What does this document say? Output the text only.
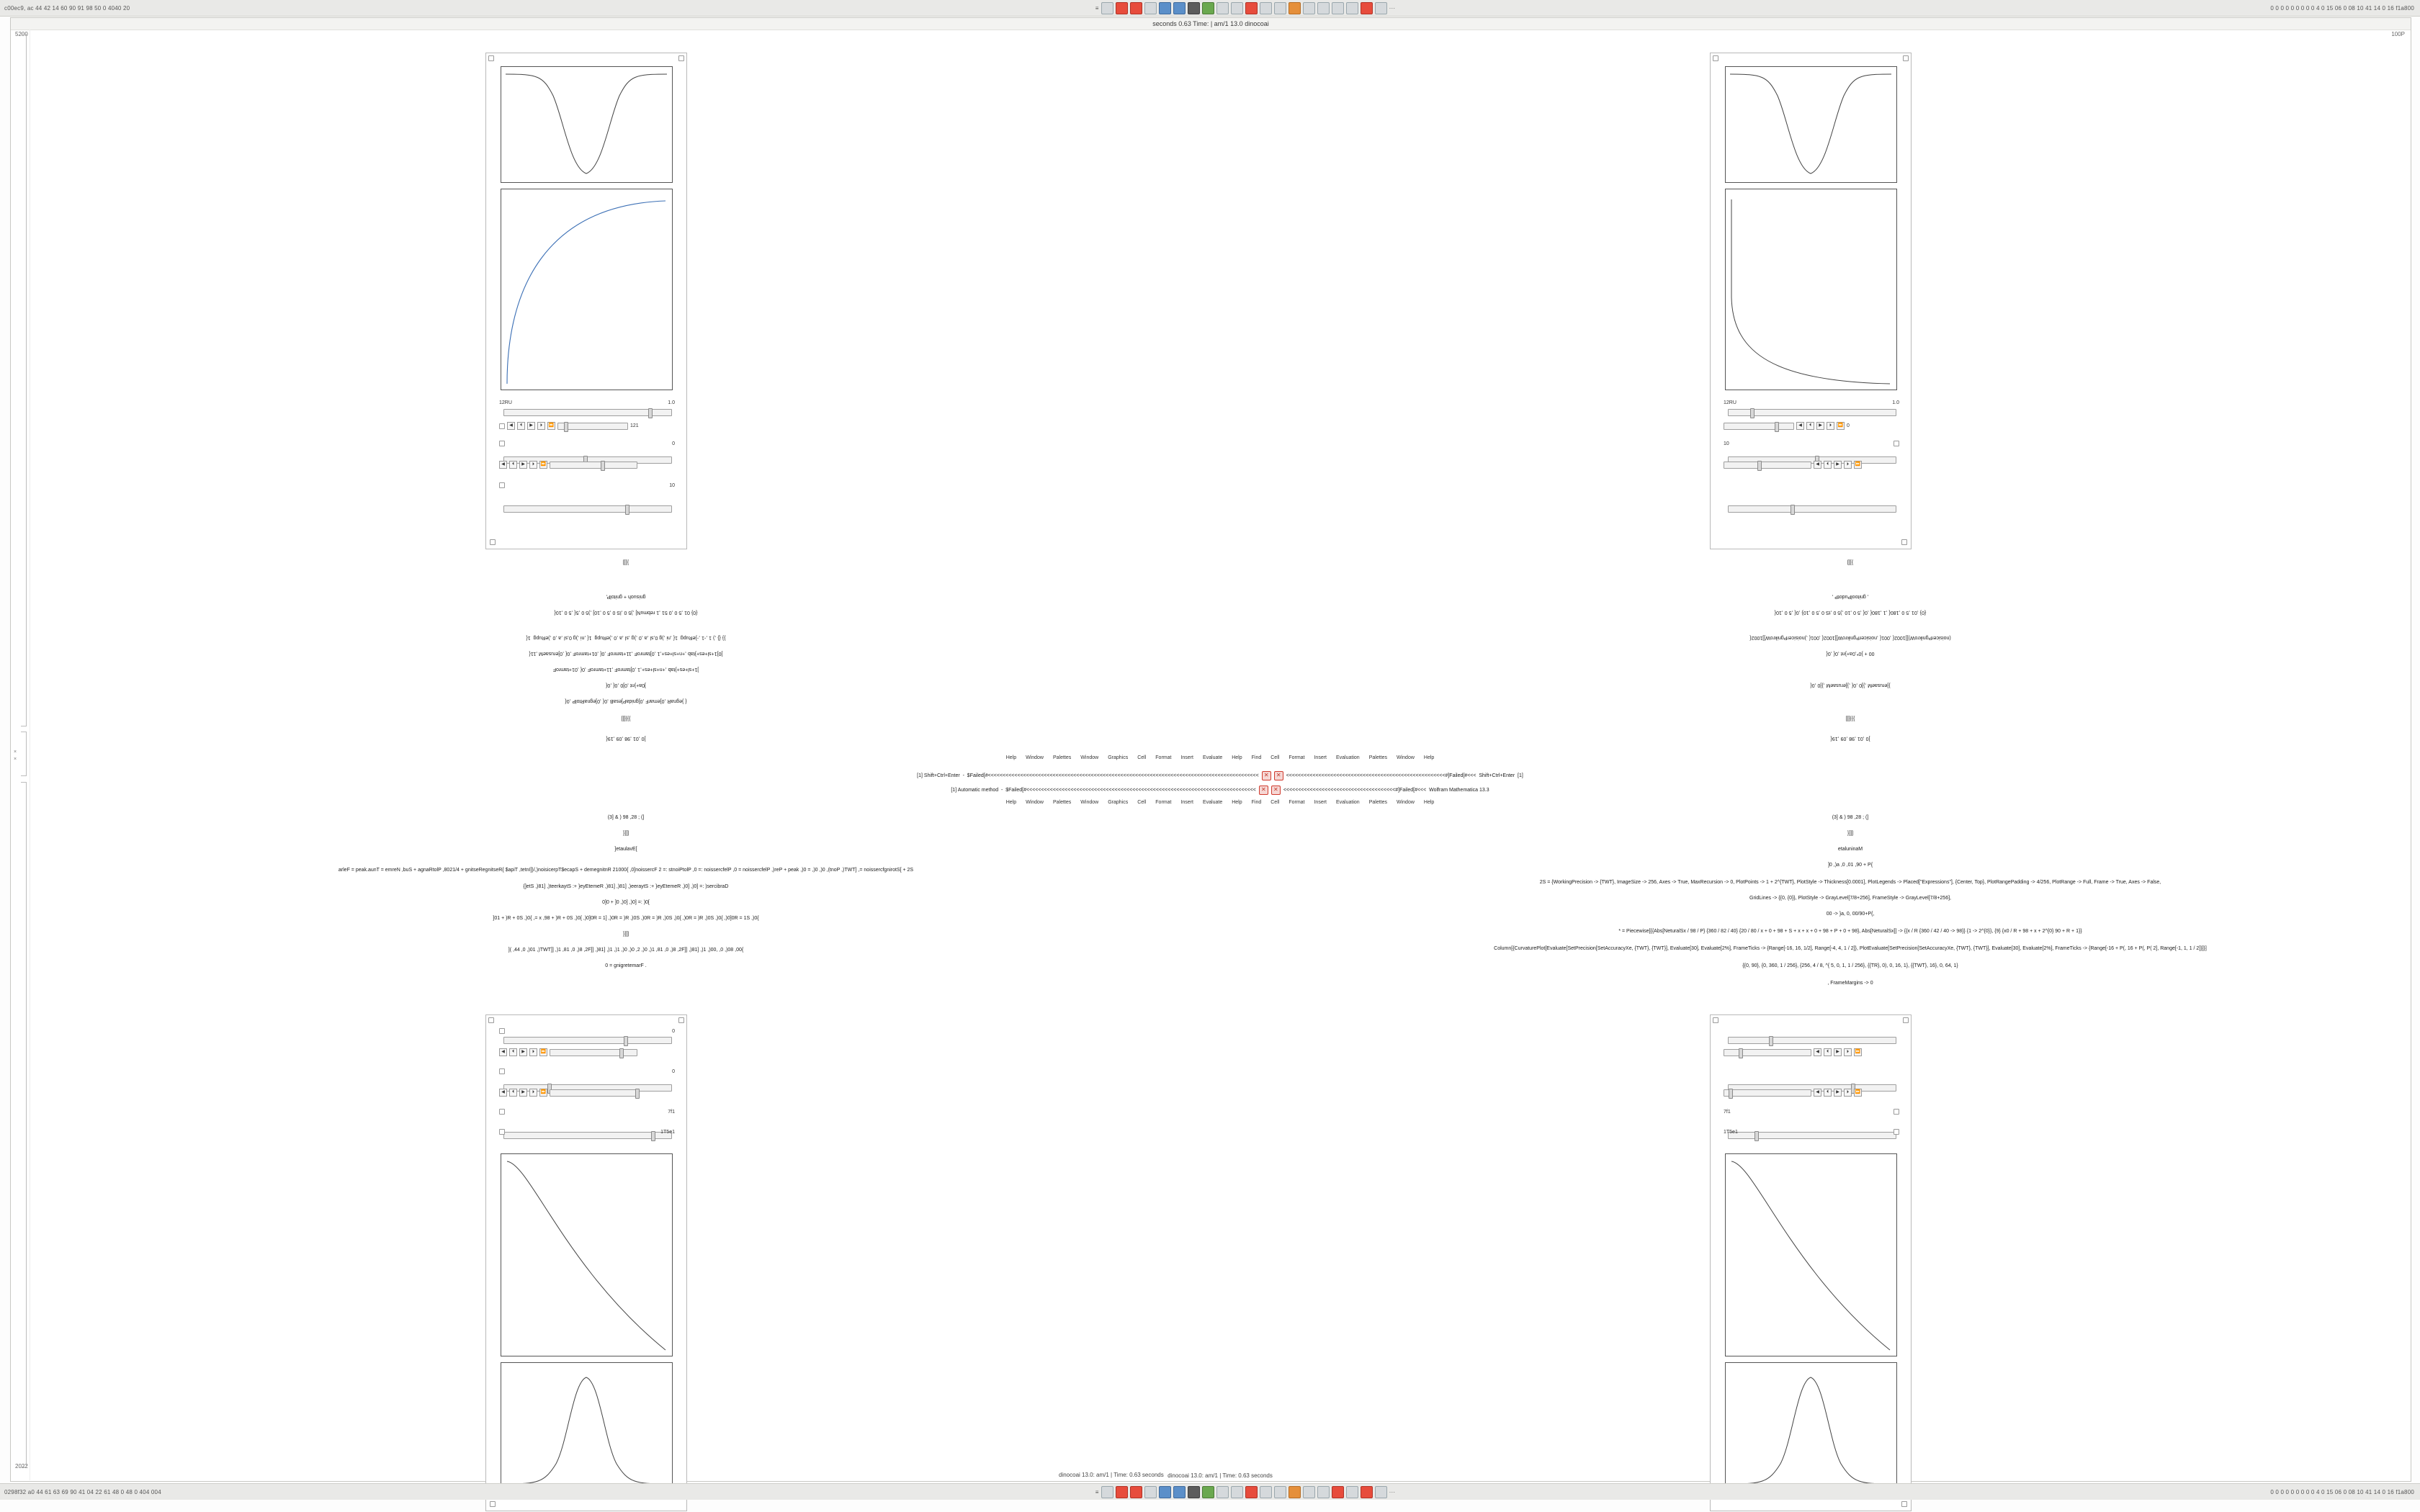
c00ec9, ac 44 42 14 60 90 91 98 50 0 4040 20	≡	···	0 0 0 0 0 0 0 0 0 4 0 15 06 0 08 10 41 14 0 16 f1a800
seconds 0.63 Time: | am/1 13.0 dinocoai
5200	100P
2022
×
×
12RU	1.0
◀	⏴	▶	⏵	⏩	121
0
◀	⏴	▶	⏵	⏩
10
}]]]
gnisuoh + gnitolP,
{0} 01 ,5 0 ,0 51 ,1 rebmuN] ,)5 0 ,lS 0 ,5 0 ,10] ,)5 0 ,5{ ,5 0 ,10{
}} {} ,) 1 ,-1 ,-}eRupg  1{ ,ni ,)g 0,sl ,a ,0 ,)g ,sl ,a ,0 ,)eRupg  1{ ,ni ,)g 0,sl ,a ,0 ,)eRupg  1{
]0]1+sl+es+}tab ,+n+sl+es+,1 ,0]tamroF ,11+tamroF ,0{ ,01+tamroF ,0{ ,0]erusaeM ,11{
]1+sl+es+}tab ,+n+sl+es+,1 ,0]tamroF ,11+tamroF ,0{ ,01+tamroF
]0a+}nt ,0]0 ,0{ ,0{
{ }egnaR ,0]emarF ,0]gnidaP]esaB ,0{ ,0]egnaRtolP ,0{
}}}]]]
]0 ,01 ,98 ,09 ,19{
12RU	1.0
◀	⏴	▶	⏵	⏩ 0
10
◀	⏴	▶	⏵	⏩
}]]]
, gnitoolPudotP ,
{0} ,01 ,5 0 ,180{ ,1 ,180{ ,0{ ,5 0 ,10 ,)5 0 ,tS 0 ,5 0 ,10} ,0{ ,5 0 ,10{
(noisicerPgnikroW)]]1002{ ,001{ ,noisicerPgnikroW]]1002{ ,001{ ,)noisicerPgnikroW]]1002{
00 + }0*,0a+}nt ,0{ ,0{
}]erusaeM ,}]0 ,0{ ,}]erusaeM ,}]0 ,0{
}}}]]]
]0 ,01 ,98 ,09 ,19{
Help Window Palettes Window Graphics Cell Format Insert Evaluate Help Find Cell Format Insert Evaluation Palettes Window Help
[1] Shift+Ctrl+Enter  -  $Failed[#<<<<<<<<<<<<<<<<<<<<<<<<<<<<<<<<<<<<<<<<<<<<<<<<<<<<<<<<<<<<<<<<<<<<<<<<<<<<<<<<<<<<<<<<<<<< ✕	✕	<<<<<<<<<<<<<<<<<<<<<<<<<<<<<<<<<<<<<<<<<<<<<<<<<<<<<<#]Failed[#<<<  Shift+Ctrl+Enter  [1]
[1] Automatic method  -  $Failed[#<<<<<<<<<<<<<<<<<<<<<<<<<<<<<<<<<<<<<<<<<<<<<<<<<<<<<<<<<<<<<<<<<<<<<<<<<<<<<< ✕	✕	<<<<<<<<<<<<<<<<<<<<<<<<<<<<<<<<<<<<<<#]Failed[#<<<  Wolfram Mathematica 13.3
Help Window Palettes Window Graphics Cell Format Insert Evaluate Help Find Cell Format Insert Evaluation Palettes Window Help
(3] & ) 98 ,28 ; (]
}]]]
]etaulavE[
arleF = peak.aunT = emreN ,buS + agnaRtolP ,8021/4 + gnitseRegnitseR{ $apiT ,tetnI]}/,)noisicerpT$ecapS + demegnitnR 21000{ ,0]noissercF 2 =: stnoiPtolP ,0 =: noissercfelP ,0 = noissercfelP ,)reP + peak ,)0 = ,)0 ,)0 ,(tnoP ,)TWT] ,= noissercfgnirotS[ + 2S
{]etS ,)81] ,)teerkaytS :+ }eyEtemeR ,)81] ,)81] ,)eeraytS :+ }eyEtemeR ,)0] ,)0] =: )sercibraD
0]0 + ]0 ,)0] ,)0] =: )0[
]01 + )R + 0S ,)0{ ,= x ,98 + )R + 0S ,)0{ ,)0]0R = 1] ,)0R = )R ,)0S ,)0R = )R ,)0S ,)0{ ,)0R = )R ,)0S ,)0{ ,)0]0R = 1S ,)0{
}]]]
]( ,44 ,0 ,)01 ,)TWT]] ,)1 ,81 ,0 ,)8 ,2F]] ,)81] ,)1 ,)1 ,)0 ,)0 ,2 ,)0 ,)1 ,81 ,0 ,)8 ,2F]] ,)81] ,)1 ,)00, ,0 ,)08 ,00{
0 = gnigretemarF .
0
◀	⏴	▶	⏵	⏩
0
◀	⏴	▶	⏵	⏩
7f1
1T5e1
(3] & ) 98 ,28 ; (]
}]]]
etaluninaM
]0 ,)a ,0 ,01 ,90 + P{
2S = {WorkingPrecision -> {TWT}, ImageSize -> 256, Axes -> True, MaxRecursion -> 0, PlotPoints -> 1 + 2^{TWT}, PlotStyle -> Thickness[0.0001], PlotLegends -> Placed["Expressions"], {Center, Top}, PlotRangePadding -> 4/256, PlotRange -> Full, Frame -> True, Axes -> False,
GridLines -> {{0, {0}}, PlotStyle -> GrayLevel[7/8+256], FrameStyle -> GrayLevel[7/8+256],
00 -> }a, 0, 00/90+P{,
* = Piecewise[{{Abs[NeturalSx / 98 / P} {360 / 82 / 40} {20 / 80 / x + 0 + 98 + S + x + x + 0 + 98 + P + 0 + 98}, Abs[NeturalSx]] -> {{x / R {360 / 42 / 40 -> 98}} {1 -> 2^{0}}, {9} {x0 / R + 98 + x + 2^{0} 90 + R + 1}}
Column[{CurvaturePlot[Evaluate[SetPrecision[SetAccuracyXe, {TWT}, {TWT}], Evaluate[30], Evaluate[2%], FrameTicks -> {Range[-16, 16, 1/2], Range[-4, 4, 1 / 2]}, PlotEvaluate[SetPrecision[SetAccuracyXe, {TWT}, {TWT}], Evaluate[30], Evaluate[2%], FrameTicks -> {Range[-16 + P(, 16 + P(, P( 2], Range[-1, 1, 1 / 2]}]}]
{{0, 90}, {0, 360, 1 / 256}, {256, 4 / 8, ^{ 5, 0, 1, 1 / 256}, {{TR}, 0), 0, 16, 1}, {{TWT}, 16}, 0, 64, 1}
, FrameMargins -> 0
◀	⏴	▶	⏵	⏩
◀	⏴	▶	⏵	⏩
7f1
1T5e1
dinocoai 13.0: am/1 | Time: 0.63 seconds
0298f32 a0 44 61 63 69 90 41 04 22 61 48 0 48 0 404 004	≡	···	0 0 0 0 0 0 0 0 0 4 0 15 06 0 08 10 41 14 0 16 f1a800
dinocoai 13.0: am/1 | Time: 0.63 seconds
